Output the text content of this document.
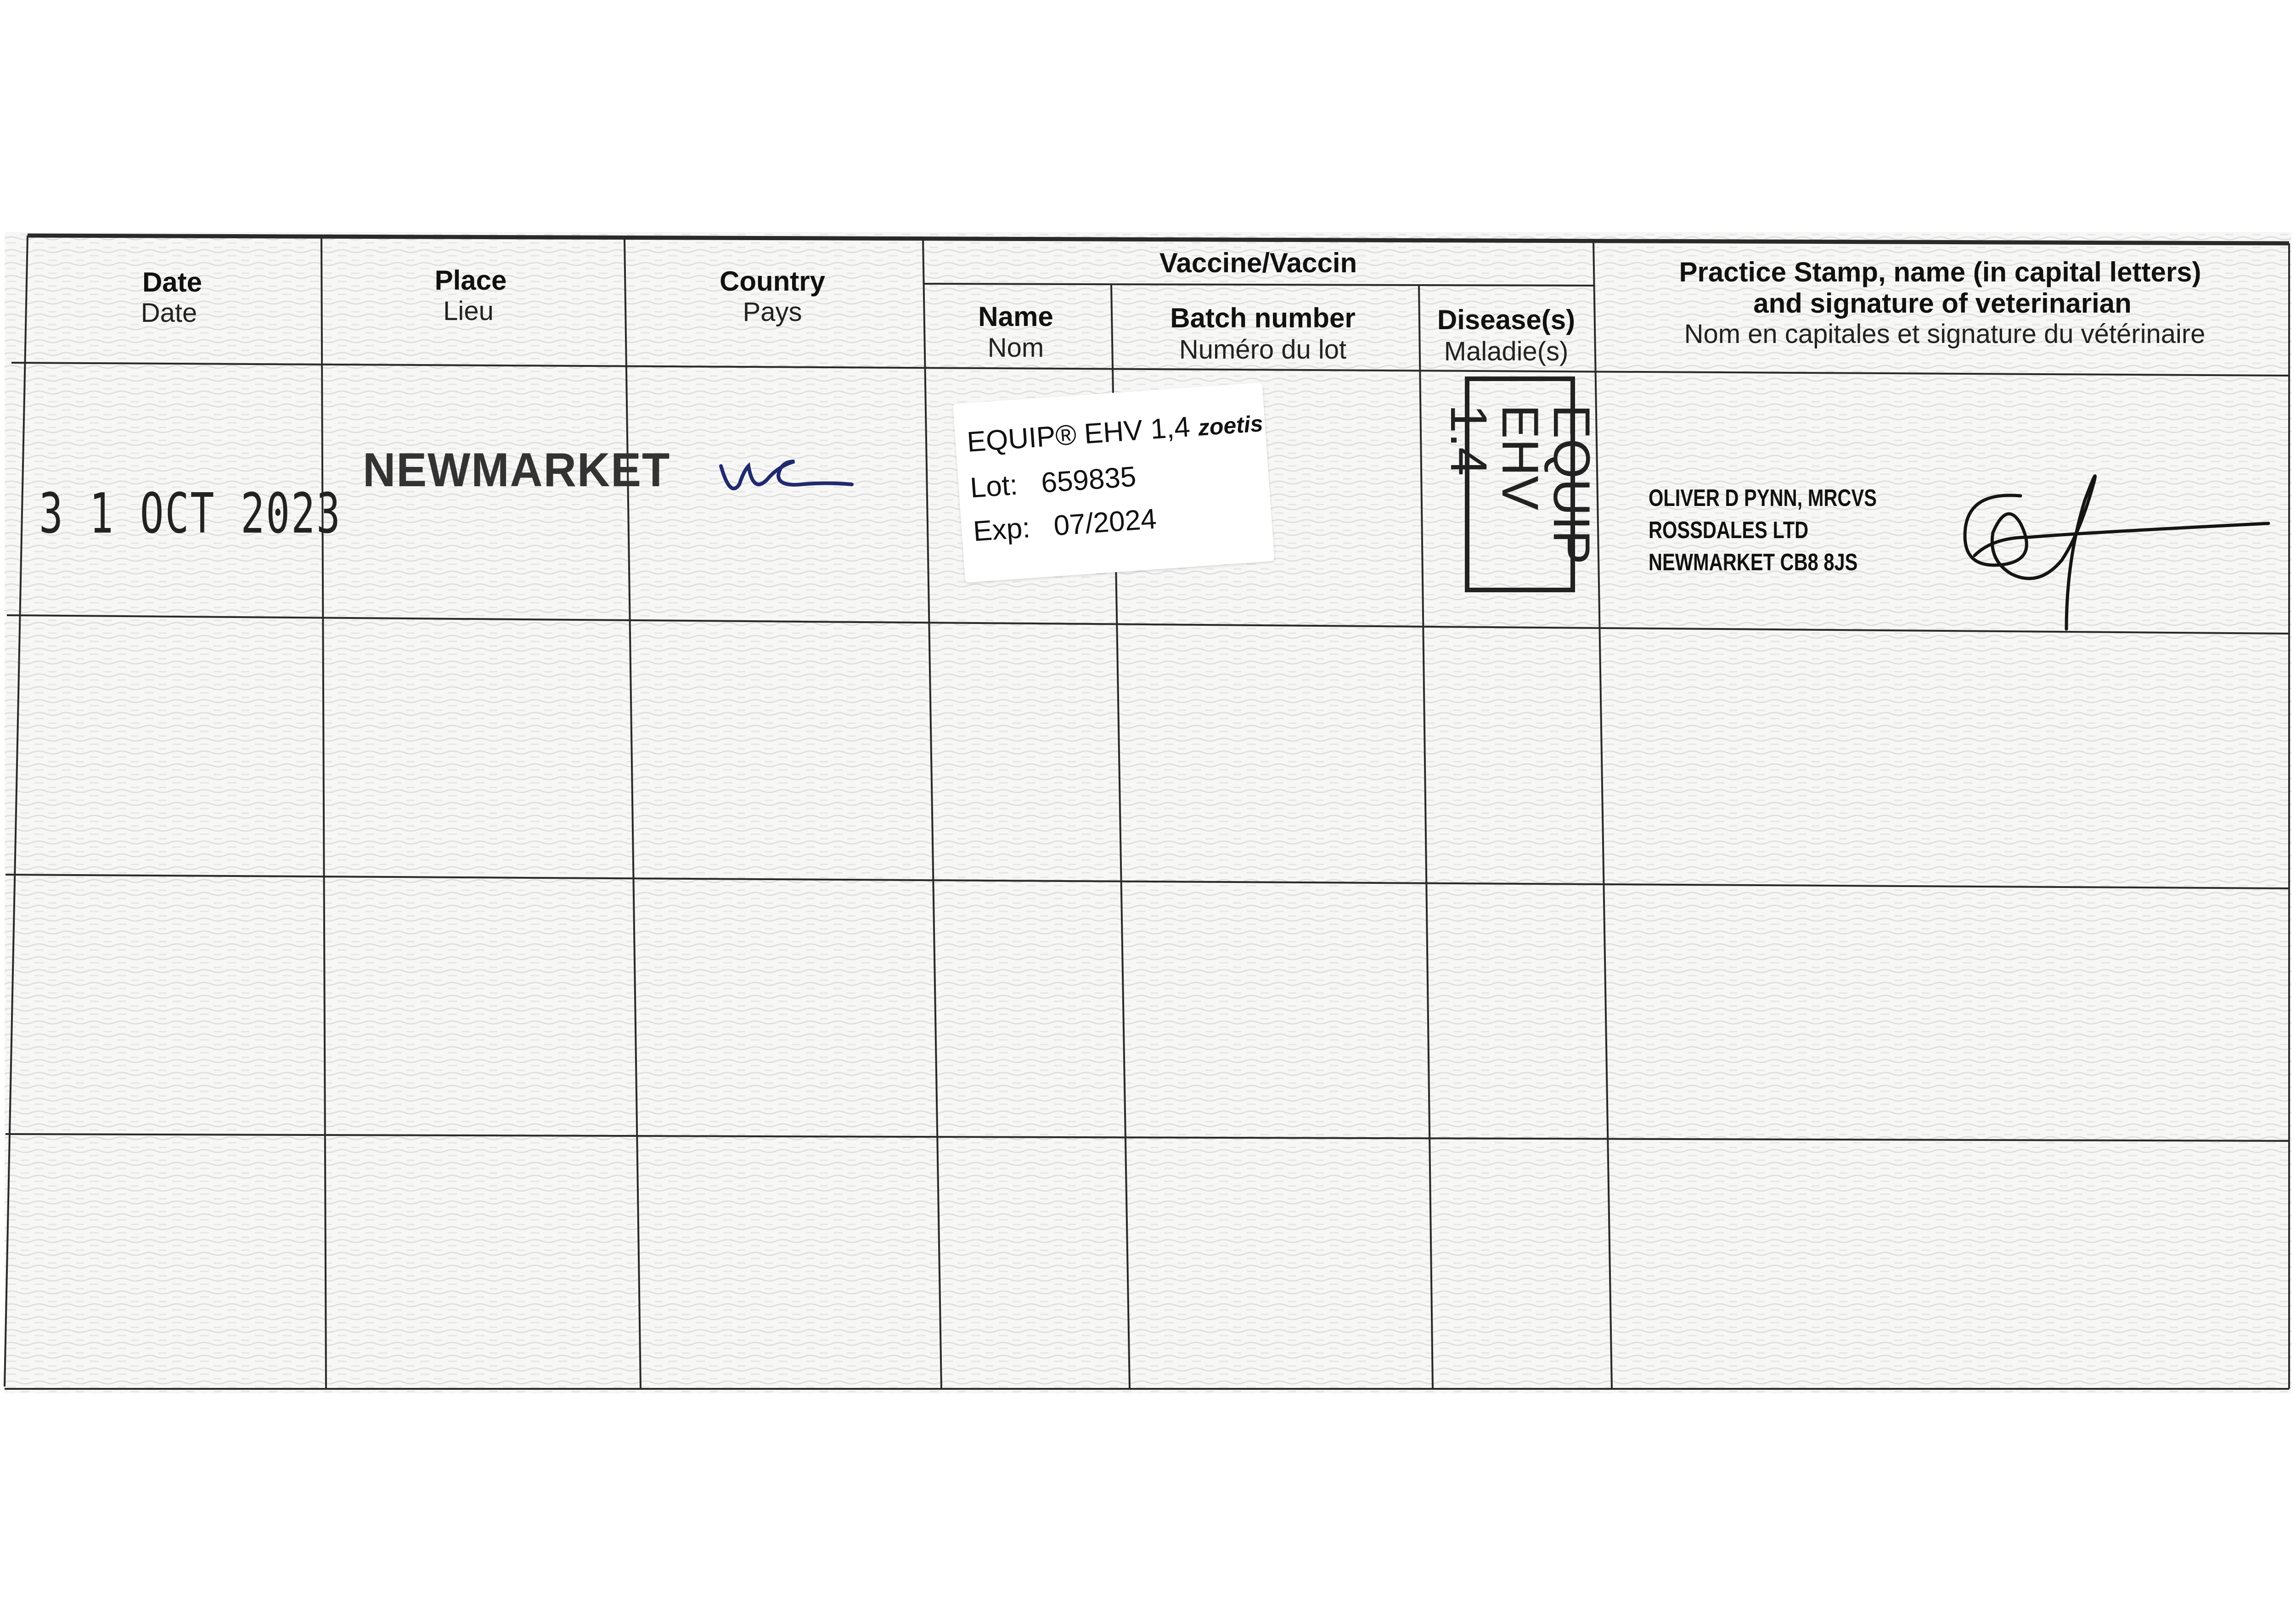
Date
Date
Place
Lieu
Country
Pays
Vaccine/Vaccin
Name
Nom
Batch number
Numéro du lot
Disease(s)
Maladie(s)
Practice Stamp, name (in capital letters)
and signature of veterinarian
Nom en capitales et signature du vétérinaire
3 1 OCT 2023
NEWMARKET
EQUIP® EHV 1,4 zoetis
Lot: 659835
Exp: 07/2024	EQUIP
EHV 1.4
OLIVER D PYNN, MRCVS
ROSSDALES LTD
NEWMARKET CB8 8JS
